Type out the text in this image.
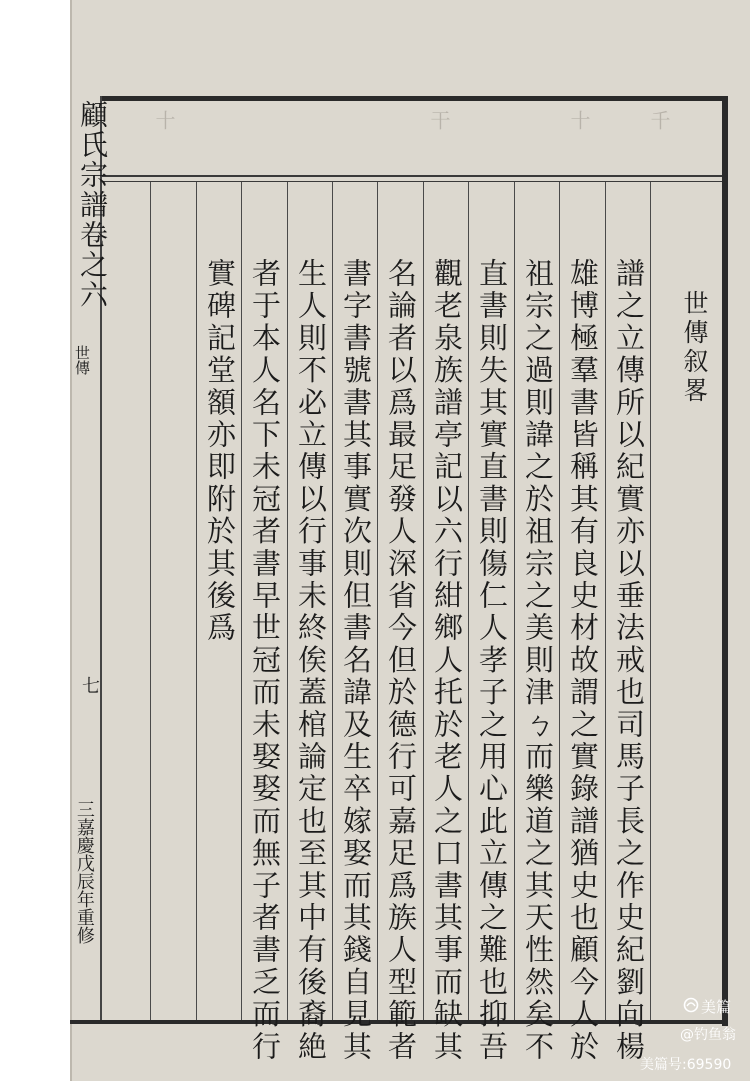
十	干	十	千
顧氏宗譜卷之六
世傳
七
三嘉慶戊辰年重修
世傳叙畧
譜之立傳所以紀實亦以垂法戒也司馬子長之作史紀劉向楊
雄博極羣書皆稱其有良史材故謂之實錄譜猶史也顧今人於
祖宗之過則諱之於祖宗之美則津ㄅ而樂道之其天性然矣不
直書則失其實直書則傷仁人孝子之用心此立傳之難也抑吾
觀老泉族譜亭記以六行紺鄉人托於老人之口書其事而缺其
名論者以爲最足發人深省今但於德行可嘉足爲族人型範者
書字書號書其事實次則但書名諱及生卒嫁娶而其錢自見其
生人則不必立傳以行事未終俟蓋棺論定也至其中有後裔絶
者于本人名下未冠者書早世冠而未娶娶而無子者書乏而行
實碑記堂額亦即附於其後爲
美篇
@钓鱼翁
美篇号:69590
